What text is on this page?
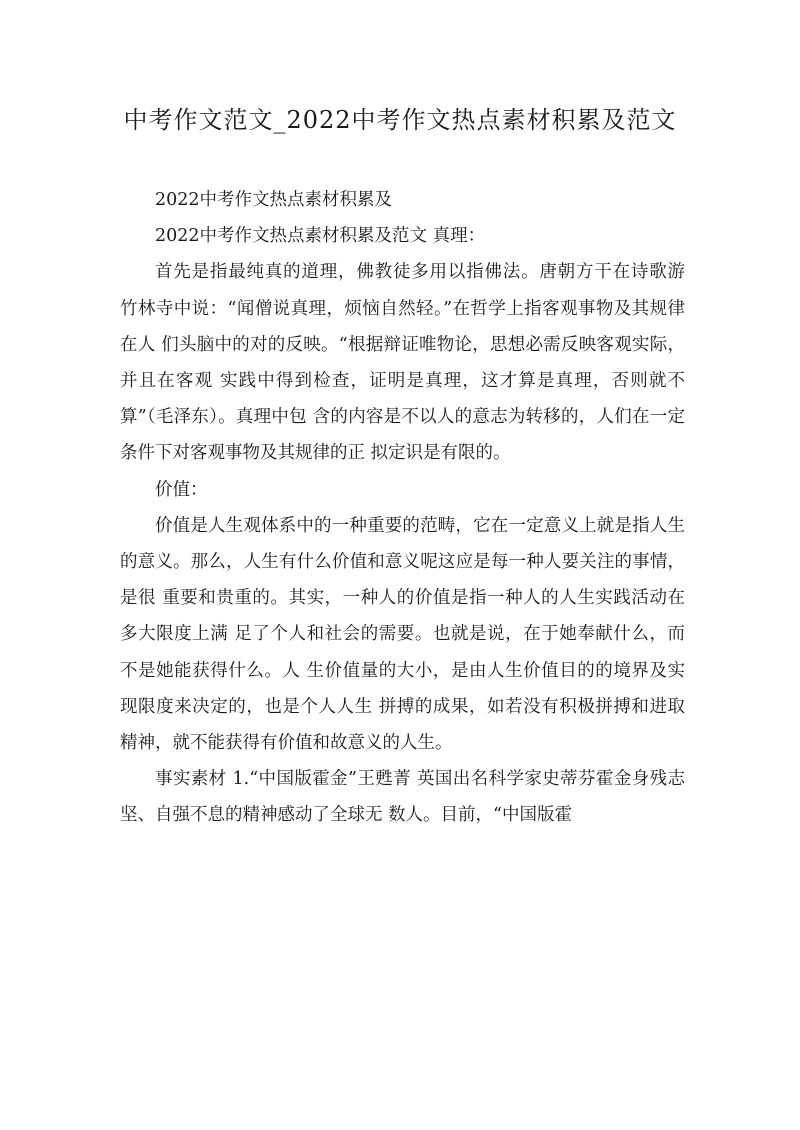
中考作文范文_2022中考作文热点素材积累及范文

2022中考作文热点素材积累及

2022中考作文热点素材积累及范文 真理：

首先是指最纯真的道理，佛教徒多用以指佛法。唐朝方干在诗歌游 竹林寺中说：“闻僧说真理，烦恼自然轻。”在哲学上指客观事物及其规律在人 们头脑中的对的反映。“根据辩证唯物论，思想必需反映客观实际，并且在客观 实践中得到检查，证明是真理，这才算是真理，否则就不算”（毛泽东）。真理中包 含的内容是不以人的意志为转移的，人们在一定条件下对客观事物及其规律的正 拟定识是有限的。

价值：

价值是人生观体系中的一种重要的范畴，它在一定意义上就是指人生 的意义。那么，人生有什么价值和意义呢这应是每一种人要关注的事情，是很 重要和贵重的。其实，一种人的价值是指一种人的人生实践活动在多大限度上满 足了个人和社会的需要。也就是说，在于她奉献什么，而不是她能获得什么。人 生价值量的大小，是由人生价值目的的境界及实现限度来决定的，也是个人人生 拼搏的成果，如若没有积极拼搏和进取精神，就不能获得有价值和故意义的人生。

事实素材 1.“中国版霍金”王甦菁 英国出名科学家史蒂芬霍金身残志坚、自强不息的精神感动了全球无 数人。目前，“中国版霍
